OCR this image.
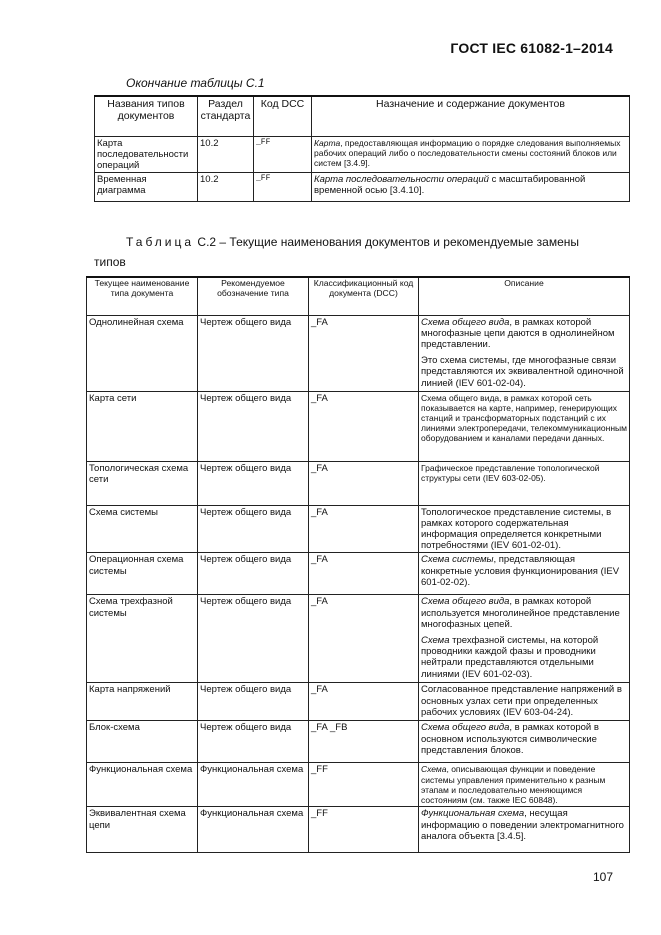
ГОСТ IEC 61082-1–2014
Окончание таблицы С.1
Названия типов документов	Раздел стандарта	Код DCC	Назначение и содержание документов
Карта последовательности операций	10.2	_FF	Карта, предоставляющая информацию о порядке следования выполняемых рабочих операций либо о последовательности смены состояний блоков или систем [3.4.9].
Временная диаграмма	10.2	_FF	Карта последовательности операций с масштабированной временной осью [3.4.10].
Таблица С.2 – Текущие наименования документов и рекомендуемые замены
типов
Текущее наименование типа документа	Рекомендуемое обозначение типа	Классификационный код документа (DCC)	Описание
Однолинейная схема	Чертеж общего вида	_FA	Схема общего вида, в рамках которой многофазные цепи даются в однолинейном представлении.
Это схема системы, где многофазные связи представляются их эквивалентной одиночной линией (IEV 601-02-04).

Карта сети	Чертеж общего вида	_FA	Схема общего вида, в рамках которой сеть показывается на карте, например, генерирующих станций и трансформаторных подстанций с их линиями электропередачи, телекоммуникационным оборудованием и каналами передачи данных.
Топологическая схема сети	Чертеж общего вида	_FA	Графическое представление топологической структуры сети (IEV 603-02-05).
Схема системы	Чертеж общего вида	_FA	Топологическое представление системы, в рамках которого содержательная информация определяется конкретными потребностями (IEV 601-02-01).
Операционная схема системы	Чертеж общего вида	_FA	Схема системы, представляющая конкретные условия функционирования (IEV 601-02-02).
Схема трехфазной системы	Чертеж общего вида	_FA	Схема общего вида, в рамках которой используется многолинейное представление многофазных цепей.
Схема трехфазной системы, на которой проводники каждой фазы и проводники нейтрали представляются отдельными линиями (IEV 601-02-03).

Карта напряжений	Чертеж общего вида	_FA	Согласованное представление напряжений в основных узлах сети при определенных рабочих условиях (IEV 603-04-24).
Блок-схема	Чертеж общего вида	_FA _FB	Схема общего вида, в рамках которой в основном используются символические представления блоков.
Функциональная схема	Функциональная схема	_FF	Схема, описывающая функции и поведение системы управления применительно к разным этапам и последовательно меняющимся состояниям (см. также IEC 60848).
Эквивалентная схема цепи	Функциональная схема	_FF	Функциональная схема, несущая информацию о поведении электромагнитного аналога объекта [3.4.5].
107
